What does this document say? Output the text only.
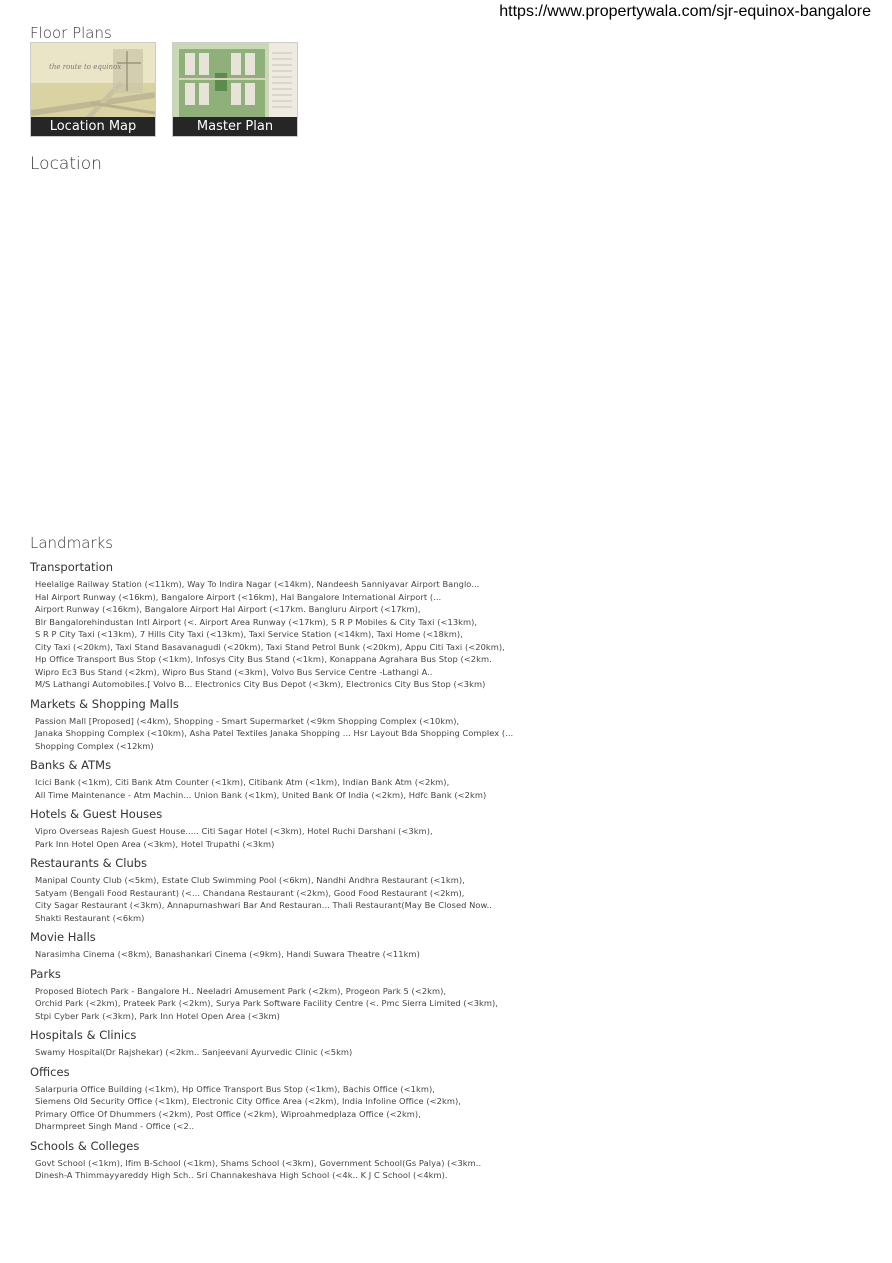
https://www.propertywala.com/sjr-equinox-bangalore
Floor Plans
the route to equinox
Location Map	Master Plan
Location
Landmarks
Transportation
Heelalige Railway Station (<11km), Way To Indira Nagar (<14km), Nandeesh Sanniyavar Airport Banglo...
Hal Airport Runway (<16km), Bangalore Airport (<16km), Hal Bangalore International Airport (...
Airport Runway (<16km), Bangalore Airport Hal Airport (<17km. Bangluru Airport (<17km),
Blr Bangalorehindustan Intl Airport (<. Airport Area Runway (<17km), S R P Mobiles & City Taxi (<13km),
S R P City Taxi (<13km), 7 Hills City Taxi (<13km), Taxi Service Station (<14km), Taxi Home (<18km),
City Taxi (<20km), Taxi Stand Basavanagudi (<20km), Taxi Stand Petrol Bunk (<20km), Appu Citi Taxi (<20km),
Hp Office Transport Bus Stop (<1km), Infosys City Bus Stand (<1km), Konappana Agrahara Bus Stop (<2km.
Wipro Ec3 Bus Stand (<2km), Wipro Bus Stand (<3km), Volvo Bus Service Centre -Lathangi A..
M/S Lathangi Automobiles.[ Volvo B... Electronics City Bus Depot (<3km), Electronics City Bus Stop (<3km)
Markets & Shopping Malls
Passion Mall [Proposed] (<4km), Shopping - Smart Supermarket (<9km Shopping Complex (<10km),
Janaka Shopping Complex (<10km), Asha Patel Textiles Janaka Shopping ... Hsr Layout Bda Shopping Complex (...
Shopping Complex (<12km)
Banks & ATMs
Icici Bank (<1km), Citi Bank Atm Counter (<1km), Citibank Atm (<1km), Indian Bank Atm (<2km),
All Time Maintenance - Atm Machin... Union Bank (<1km), United Bank Of India (<2km), Hdfc Bank (<2km)
Hotels & Guest Houses
Vipro Overseas Rajesh Guest House..... Citi Sagar Hotel (<3km), Hotel Ruchi Darshani (<3km),
Park Inn Hotel Open Area (<3km), Hotel Trupathi (<3km)
Restaurants & Clubs
Manipal County Club (<5km), Estate Club Swimming Pool (<6km), Nandhi Andhra Restaurant (<1km),
Satyam (Bengali Food Restaurant) (<... Chandana Restaurant (<2km), Good Food Restaurant (<2km),
City Sagar Restaurant (<3km), Annapurnashwari Bar And Restauran... Thali Restaurant(May Be Closed Now..
Shakti Restaurant (<6km)
Movie Halls
Narasimha Cinema (<8km), Banashankari Cinema (<9km), Handi Suwara Theatre (<11km)
Parks
Proposed Biotech Park - Bangalore H.. Neeladri Amusement Park (<2km), Progeon Park 5 (<2km),
Orchid Park (<2km), Prateek Park (<2km), Surya Park Software Facility Centre (<. Pmc Sierra Limited (<3km),
Stpi Cyber Park (<3km), Park Inn Hotel Open Area (<3km)
Hospitals & Clinics
Swamy Hospital(Dr Rajshekar) (<2km.. Sanjeevani Ayurvedic Clinic (<5km)
Offices
Salarpuria Office Building (<1km), Hp Office Transport Bus Stop (<1km), Bachis Office (<1km),
Siemens Old Security Office (<1km), Electronic City Office Area (<2km), India Infoline Office (<2km),
Primary Office Of Dhummers (<2km), Post Office (<2km), Wiproahmedplaza Office (<2km),
Dharmpreet Singh Mand - Office (<2..
Schools & Colleges
Govt School (<1km), Ifim B-School (<1km), Shams School (<3km), Government School(Gs Palya) (<3km..
Dinesh-A Thimmayyareddy High Sch.. Sri Channakeshava High School (<4k.. K J C School (<4km).
